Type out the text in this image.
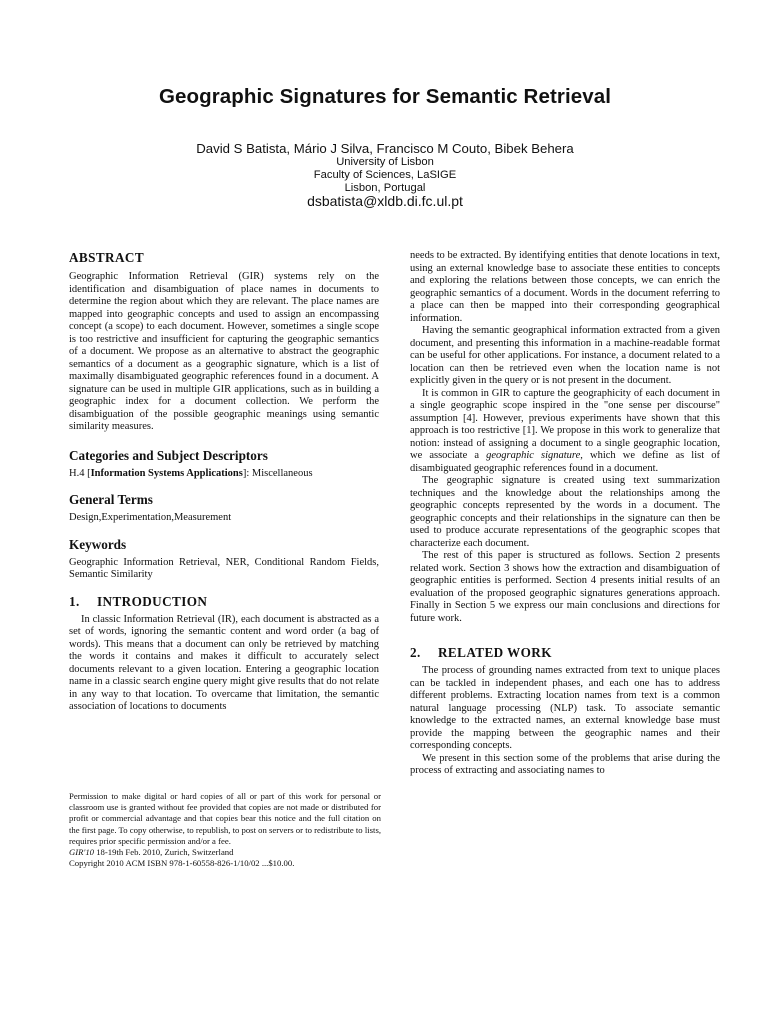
Geographic Signatures for Semantic Retrieval
David S Batista, Mário J Silva, Francisco M Couto, Bibek Behera
University of Lisbon
Faculty of Sciences, LaSIGE
Lisbon, Portugal
dsbatista@xldb.di.fc.ul.pt
ABSTRACT

Geographic Information Retrieval (GIR) systems rely on the identification and disambiguation of place names in documents to determine the region about which they are relevant. The place names are mapped into geographic concepts and used to assign an encompassing concept (a scope) to each document. However, sometimes a single scope is too restrictive and insufficient for capturing the geographic semantics of a document. We propose as an alternative to abstract the geographic semantics of a document as a geographic signature, which is a list of maximally disambiguated geographic references found in a document. A signature can be used in multiple GIR applications, such as in building a geographic index for a document collection. We perform the disambiguation of the possible geographic meanings using semantic similarity measures.

Categories and Subject Descriptors

H.4 [Information Systems Applications]: Miscellaneous

General Terms

Design,Experimentation,Measurement

Keywords

Geographic Information Retrieval, NER, Conditional Random Fields, Semantic Similarity

1. INTRODUCTION

In classic Information Retrieval (IR), each document is abstracted as a set of words, ignoring the semantic content and word order (a bag of words). This means that a document can only be retrieved by matching the words it contains and makes it difficult to accurately select documents relevant to a given location. Entering a geographic location name in a classic search engine query might give results that do not relate in any way to that location. To overcame that limitation, the semantic association of locations to documents

Permission to make digital or hard copies of all or part of this work for personal or classroom use is granted without fee provided that copies are not made or distributed for profit or commercial advantage and that copies bear this notice and the full citation on the first page. To copy otherwise, to republish, to post on servers or to redistribute to lists, requires prior specific permission and/or a fee.

GIR'10 18-19th Feb. 2010, Zurich, Switzerland

Copyright 2010 ACM ISBN 978-1-60558-826-1/10/02 ...$10.00.

needs to be extracted. By identifying entities that denote locations in text, using an external knowledge base to associate these entities to concepts and exploring the relations between those concepts, we can enrich the geographic semantics of a document. Words in the document referring to a place can then be mapped into their corresponding geographical information.

Having the semantic geographical information extracted from a given document, and presenting this information in a machine-readable format can be useful for other applications. For instance, a document related to a location can then be retrieved even when the location name is not explicitly given in the query or is not present in the document.

It is common in GIR to capture the geographicity of each document in a single geographic scope inspired in the "one sense per discourse" assumption [4]. However, previous experiments have shown that this approach is too restrictive [1]. We propose in this work to generalize that notion: instead of assigning a document to a single geographic location, we associate a geographic signature, which we define as list of disambiguated geographic references found in a document.

The geographic signature is created using text summarization techniques and the knowledge about the relationships among the geographic concepts represented by the words in a document. The geographic concepts and their relationships in the signature can then be used to produce accurate representations of the geographic scopes that characterize each document.

The rest of this paper is structured as follows. Section 2 presents related work. Section 3 shows how the extraction and disambiguation of geographic entities is performed. Section 4 presents initial results of an evaluation of the proposed geographic signatures generations approach. Finally in Section 5 we express our main conclusions and directions for future work.

2. RELATED WORK

The process of grounding names extracted from text to unique places can be tackled in independent phases, and each one has to address different problems. Extracting location names from text is a common natural language processing (NLP) task. To associate semantic knowledge to the extracted names, an external knowledge base must provide the mapping between the geographic names and their corresponding concepts.

We present in this section some of the problems that arise during the process of extracting and associating names to
